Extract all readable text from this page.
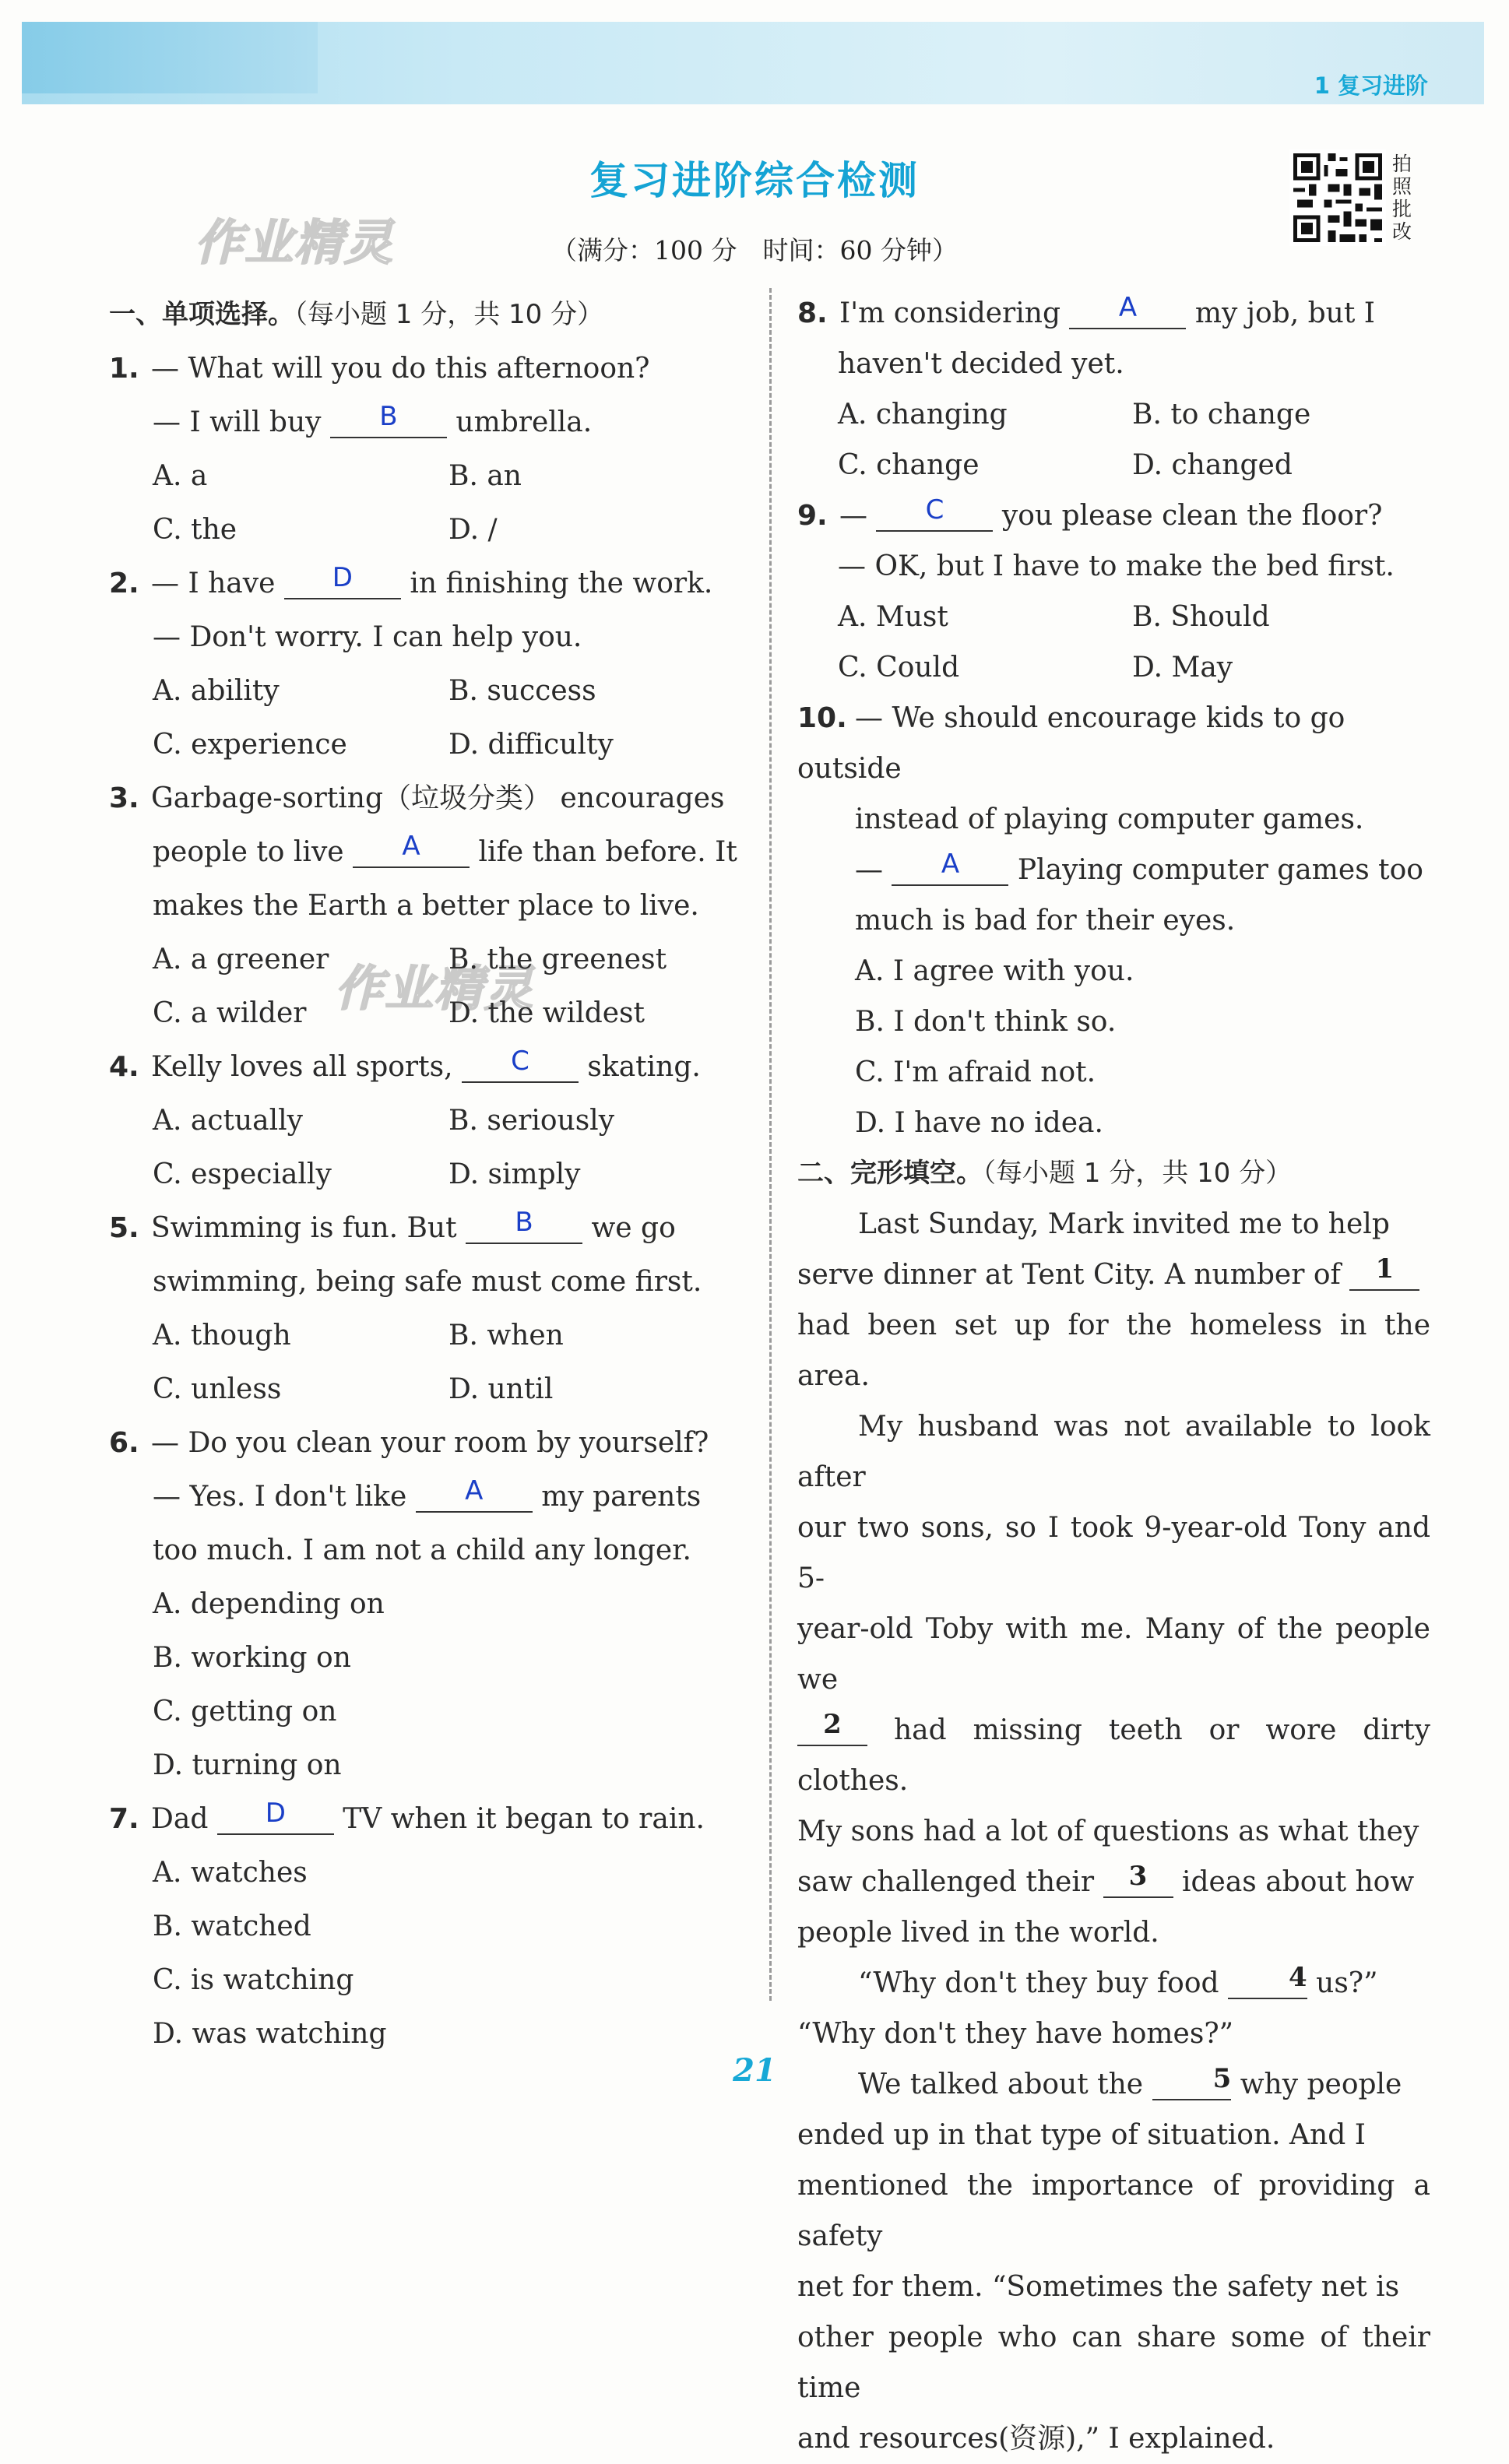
1 复习进阶
复习进阶综合检测
（满分：100 分　时间：60 分钟）
作业精灵
作业精灵
拍照批改
一、单项选择。（每小题 1 分，共 10 分）
1. — What will you do this afternoon?
— I will buy B umbrella.
A. a	B. an
C. the	D. /
2. — I have D in finishing the work.
— Don't worry. I can help you.
A. ability	B. success
C. experience	D. difficulty
3. Garbage-sorting（垃圾分类） encourages
people to live A life than before. It
makes the Earth a better place to live.
A. a greener	B. the greenest
C. a wilder	D. the wildest
4. Kelly loves all sports, C skating.
A. actually	B. seriously
C. especially	D. simply
5. Swimming is fun. But B we go
swimming, being safe must come first.
A. though	B. when
C. unless	D. until
6. — Do you clean your room by yourself?
— Yes. I don't like A my parents
too much. I am not a child any longer.
A. depending on
B. working on
C. getting on
D. turning on
7. Dad D TV when it began to rain.
A. watches
B. watched
C. is watching
D. was watching
8. I'm considering A my job, but I
haven't decided yet.
A. changing	B. to change
C. change	D. changed
9. — C you please clean the floor?
— OK, but I have to make the bed first.
A. Must	B. Should
C. Could	D. May
10. — We should encourage kids to go outside
instead of playing computer games.
— A Playing computer games too
much is bad for their eyes.
A. I agree with you.
B. I don't think so.
C. I'm afraid not.
D. I have no idea.
二、完形填空。（每小题 1 分，共 10 分）
Last Sunday, Mark invited me to help
serve dinner at Tent City. A number of 1
had been set up for the homeless in the area.
My husband was not available to look after
our two sons, so I took 9-year-old Tony and 5-
year-old Toby with me. Many of the people we
2 had missing teeth or wore dirty clothes.
My sons had a lot of questions as what they
saw challenged their 3 ideas about how
people lived in the world.
“Why don't they buy food	4 us?”
“Why don't they have homes?”
We talked about the	5 why people
ended up in that type of situation. And I
mentioned the importance of providing a safety
net for them. “Sometimes the safety net is
other people who can share some of their time
and resources(资源),” I explained.
21
